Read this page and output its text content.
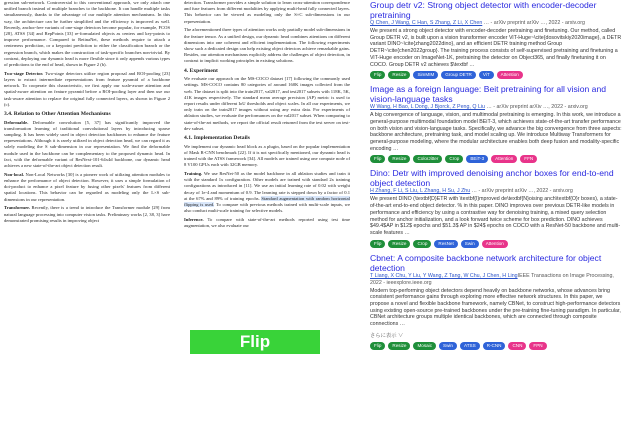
gression sub-network. Controversial to this conventional approach, we only attach one unified branch instead of multiple branches to the backbone. It can handle multiple tasks simultaneously, thanks to the advantage of our multiple attention mechanisms. In this way, the architecture can be further simplified and the efficiency is improved as well. Recently, anchor-free variants of one-stage detectors become popular, for example, FCOS [28], ATSS [34] and RepPoints [33] re-formulated objects as centers and key-points to improve performance. Compared to RetinaNet, these methods require to attach a centerness prediction, or a keypoint prediction to either the classification branch or the regression branch, which makes the construction of task-specific branches non-trivial. By contrast, deploying our dynamic head is more flexible since it only appends various types of predictions to the end of head, shown in Figure 2 (b).

Two-stage Detector. Two-stage detectors utilize region proposal and ROI-pooling [23] layers to extract intermediate representations from feature pyramid of a backbone network. To cooperate this characteristic, we first apply our scale-aware attention and spatial-aware attention on feature pyramid before a ROI-pooling layer and then use our task-aware attention to replace the original fully connected layers, as shown in Figure 2 (c).

3.4. Relation to Other Attention Mechanisms

Deformable. Deformable convolution [5, 37] has significantly improved the transformation learning of traditional convolutional layers by introducing sparse sampling. It has been widely used in object detection backbones to enhance the feature representations. Although it is rarely utilized in object detection head, we can regard it as solely modeling the S sub-dimension in our representation. We find the deformable module used in the backbone can be complementary to the proposed dynamic head. In fact, with the deformable variant of ResNext-101-64x4d backbone, our dynamic head achieves a new state-of-the-art object detection result.

Non-local. Non-Local Networks [30] is a pioneer work of utilizing attention modules to enhance the performance of object detection. However, it uses a simple formulation of dot-product to enhance a pixel feature by fusing other pixels' features from different spatial locations. This behavior can be regarded as modeling only the L×S sub-dimensions in our representation.

Transformer. Recently, there is a trend to introduce the Transformer module [29] from natural language processing into computer vision tasks. Preliminary works [2, 38, 3] have demonstrated promising results in improving object

detection. Transformer provides a simple solution to learn cross-attention correspondence and fuse features from different modalities by applying multi-head fully connected layers. This behavior can be viewed as modeling only the S×C sub-dimensions in our representation.

The aforementioned three types of attention works only partially model sub-dimensions in the feature tensor. As a unified design, our dynamic head combines attentions on different dimensions into one coherent and efficient implementation. The following experiments show such a dedicated design can help existing object detectors achieve remarkable gains. Besides, our attention mechanisms explicitly address the challenges of object detection, in contrast to implicit working principles in existing solutions.

4. Experiment

We evaluate our approach on the MS-COCO dataset [17] following the commonly used settings. MS-COCO contains 80 categories of around 160K images collected from the web. The dataset is split into the train2017, val2017, and test2017 subsets with 118K, 5K, 41K images respectively. The standard mean average precision (AP) metric is used to report results under different IoU thresholds and object scales. In all our experiments, we only train on the train2017 images without using any extra data. For experiments of ablation studies, we evaluate the performances on the val2017 subset. When comparing to state-of-the-art methods, we report the official result returned from the test server on test-dev subset.

4.1. Implementation Details

We implement our dynamic head block as a plugin, based on the popular implementation of Mask R-CNN benchmark [22]. If it is not specifically mentioned, our dynamic head is trained with the ATSS framework [34]. All models are trained using one compute node of 8 V100 GPUs each with 32GB memory.

Training. We use ResNet-50 as the model backbone in all ablation studies and train it with the standard 1x configuration. Other models are trained with standard 2x training configurations as introduced in [11]. We use an initial learning rate of 0.02 with weight decay of 1e-4 and momentum of 0.9. The learning rate is stepped down by a factor of 0.1 at the 67% and 89% of training epochs. Standard augmentation with random horizontal flipping is used. To compare with previous methods trained with multi-scale inputs, we also conduct multi-scale training for selective models.

Inference. To compare with state-of-the-art methods reported using test time augmentation, we also evaluate our

Flip
Group detr v2: Strong object detector with encoder-decoder pretraining
Q Chen, J Wang, C Han, S Zhang, Z Li, X Chen … - arXiv preprint arXiv …, 2022 - arxiv.org
We present a strong object detector with encoder-decoder pretraining and finetuning. Our method, called Group DETR v2, is built upon a vision transformer encoder ViT-Huge~\cite{dosovitskiy2020image}, a DETR variant DINO~\cite{zhang2022dino}, and an efficient DETR training method Group DETR~\cite{chen2022group}. The training process consists of self-supervised pretraining and finetuning a ViT-Huge encoder on ImageNet-1K, pretraining the detector on Object365, and finally finetuning it on COCO. Group DETR v2 achieves $\textbf …
Flip	Resize	SimMIM	Group DETR	ViT	Attention
Image as a foreign language: Beit pretraining for all vision and vision-language tasks
W Wang, H Bao, L Dong, J Bjorck, Z Peng, Q Liu … - arXiv preprint arXiv …, 2022 - arxiv.org
A big convergence of language, vision, and multimodal pretraining is emerging. In this work, we introduce a general-purpose multimodal foundation model BEiT-3, which achieves state-of-the-art transfer performance on both vision and vision-language tasks. Specifically, we advance the big convergence from three aspects: backbone architecture, pretraining task, and model scaling up. We introduce Multiway Transformers for general-purpose modeling, where the modular architecture enables both deep fusion and modality-specific encoding …
Flip	Resize	ColorJitter	Crop	BEiT-3	Attention	FFN
Dino: Detr with improved denoising anchor boxes for end-to-end object detection
H Zhang, F Li, S Liu, L Zhang, H Su, J Zhu … - arXiv preprint arXiv …, 2022 - arxiv.org
We present DINO (\textbf{D}ETR with \textbf{I}mproved de\textbf{N}oising anch\textbf{O}r boxes), a state-of-the-art end-to-end object detector. % in this paper. DINO improves over previous DETR-like models in performance and efficiency by using a contrastive way for denoising training, a mixed query selection method for anchor initialization, and a look forward twice scheme for box prediction. DINO achieves $49.4$AP in $12$ epochs and $51.3$ AP in $24$ epochs on COCO with a ResNet-50 backbone and multi-scale features …
Flip	Resize	Crop	ResNet	Swin	Attention
Cbnet: A composite backbone network architecture for object detection
T Liang, X Chu, Y Liu, Y Wang, Z Tang, W Chu, J Chen, H LingIEEE Transactions on Image Processing, 2022 - ieeexplore.ieee.org
Modern top-performing object detectors depend heavily on backbone networks, whose advances bring consistent performance gains through exploring more effective network structures. In this paper, we propose a novel and flexible backbone framework, namely CBNet, to construct high-performance detectors using existing open-source pre-trained backbones under the pre-training fine-tuning paradigm. In particular, CBNet architecture groups multiple identical backbones, which are connected through composite connections …
さらに表示 ∨
Flip	Resize	Mosaic	Swin	ATSS	R-CNN	CNN	FPN
